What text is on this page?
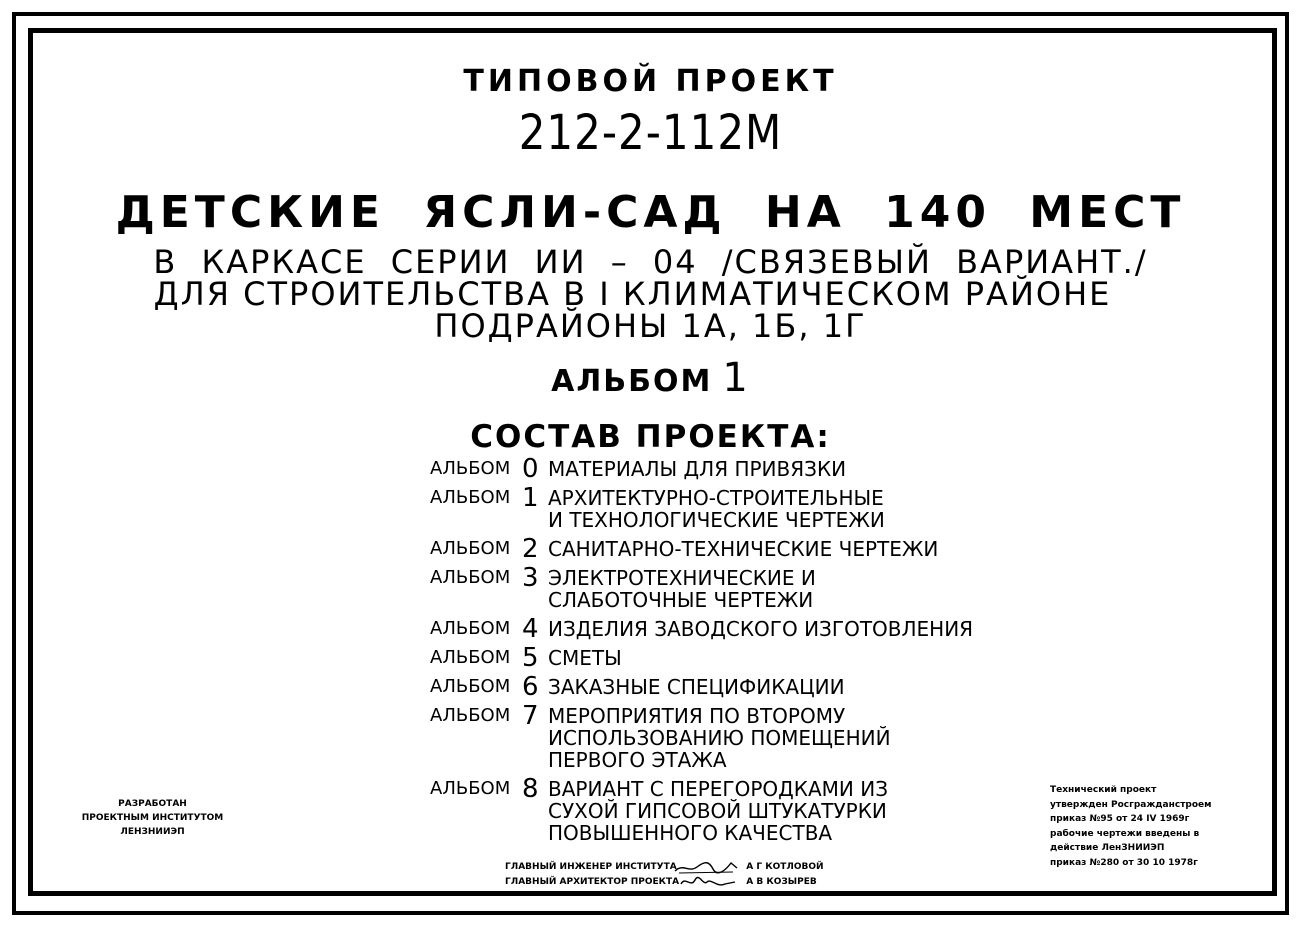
ТИПОВОЙ ПРОЕКТ
212-2-112М
ДЕТСКИЕ ЯСЛИ-САД НА 140 МЕСТ
В КАРКАСЕ СЕРИИ ИИ – 04 /СВЯЗЕВЫЙ ВАРИАНТ./
ДЛЯ СТРОИТЕЛЬСТВА В I КЛИМАТИЧЕСКОМ РАЙОНЕ
ПОДРАЙОНЫ 1А, 1Б, 1Г
АЛЬБОМ 1
СОСТАВ ПРОЕКТА:
АЛЬБОМ 0 МАТЕРИАЛЫ ДЛЯ ПРИВЯЗКИ
АЛЬБОМ 1 АРХИТЕКТУРНО-СТРОИТЕЛЬНЫЕ
И ТЕХНОЛОГИЧЕСКИЕ ЧЕРТЕЖИ
АЛЬБОМ 2 САНИТАРНО-ТЕХНИЧЕСКИЕ ЧЕРТЕЖИ
АЛЬБОМ 3 ЭЛЕКТРОТЕХНИЧЕСКИЕ И
СЛАБОТОЧНЫЕ ЧЕРТЕЖИ
АЛЬБОМ 4 ИЗДЕЛИЯ ЗАВОДСКОГО ИЗГОТОВЛЕНИЯ
АЛЬБОМ 5 СМЕТЫ
АЛЬБОМ 6 ЗАКАЗНЫЕ СПЕЦИФИКАЦИИ
АЛЬБОМ 7 МЕРОПРИЯТИЯ ПО ВТОРОМУ
ИСПОЛЬЗОВАНИЮ ПОМЕЩЕНИЙ
ПЕРВОГО ЭТАЖА
АЛЬБОМ 8 ВАРИАНТ С ПЕРЕГОРОДКАМИ ИЗ
СУХОЙ ГИПСОВОЙ ШТУКАТУРКИ
ПОВЫШЕННОГО КАЧЕСТВА
РАЗРАБОТАН
ПРОЕКТНЫМ ИНСТИТУТОМ
ЛЕНЗНИИЭП
Технический проект
утвержден Росгражданстроем
приказ №95 от 24 IV 1969г
рабочие чертежи введены в
действие ЛенЗНИИЭП
приказ №280 от 30 10 1978г
ГЛАВНЫЙ ИНЖЕНЕР ИНСТИТУТА	А Г КОТЛОВОЙ
ГЛАВНЫЙ АРХИТЕКТОР ПРОЕКТА	А В КОЗЫРЕВ
